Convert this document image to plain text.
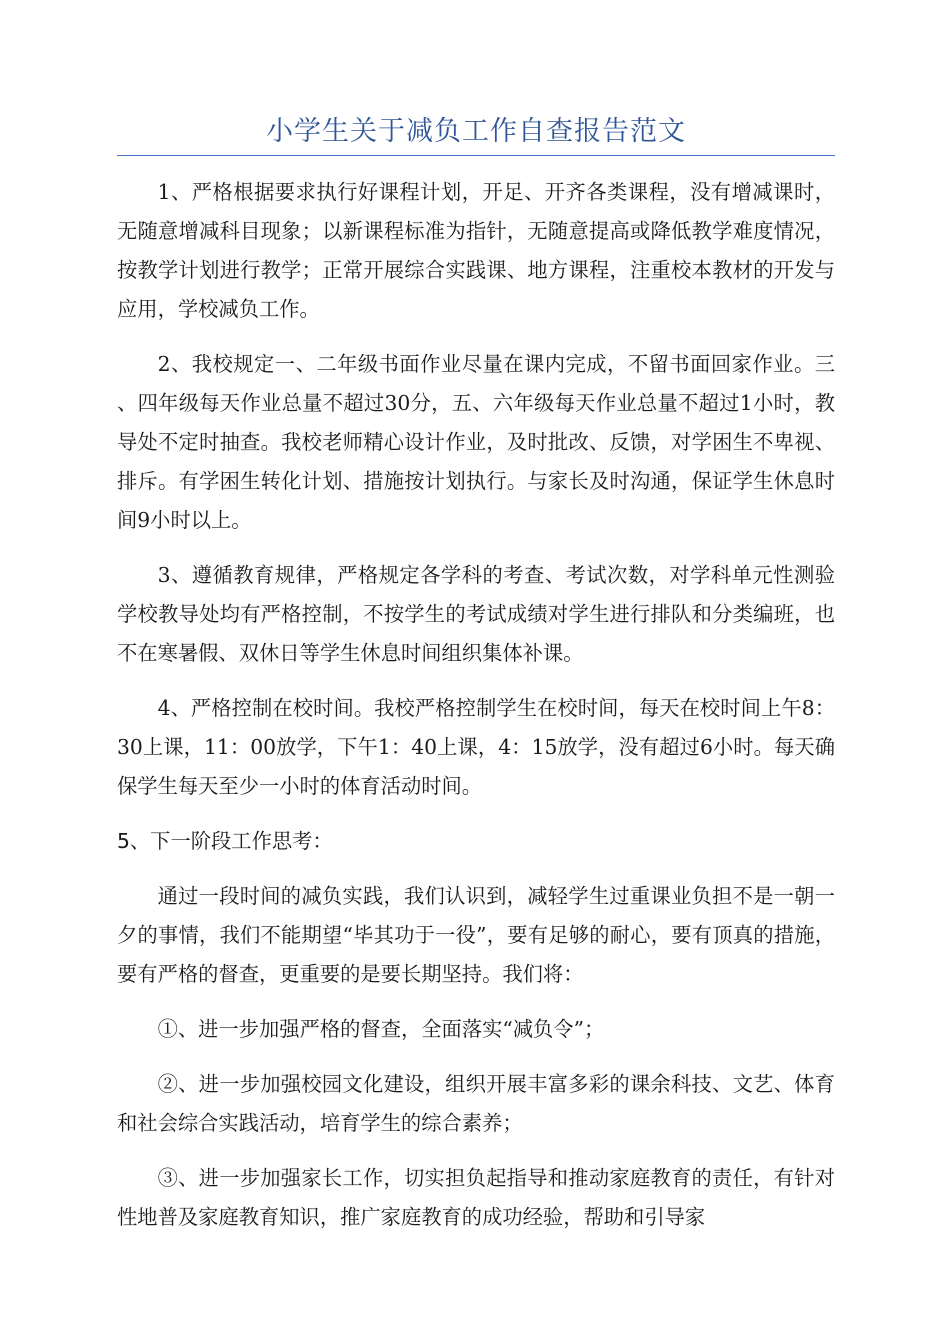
小学生关于减负工作自查报告范文

1、严格根据要求执行好课程计划，开足、开齐各类课程，没有增减课时，无随意增减科目现象；以新课程标准为指针，无随意提高或降低教学难度情况，按教学计划进行教学；正常开展综合实践课、地方课程，注重校本教材的开发与应用，学校减负工作。

2、我校规定一、二年级书面作业尽量在课内完成，不留书面回家作业。三、四年级每天作业总量不超过30分，五、六年级每天作业总量不超过1小时，教导处不定时抽查。我校老师精心设计作业，及时批改、反馈，对学困生不卑视、排斥。有学困生转化计划、措施按计划执行。与家长及时沟通，保证学生休息时间9小时以上。

3、遵循教育规律，严格规定各学科的考查、考试次数，对学科单元性测验学校教导处均有严格控制，不按学生的考试成绩对学生进行排队和分类编班，也不在寒暑假、双休日等学生休息时间组织集体补课。

4、严格控制在校时间。我校严格控制学生在校时间，每天在校时间上午8：30上课，11：00放学，下午1：40上课，4：15放学，没有超过6小时。每天确保学生每天至少一小时的体育活动时间。

5、下一阶段工作思考：

通过一段时间的减负实践，我们认识到，减轻学生过重课业负担不是一朝一夕的事情，我们不能期望“毕其功于一役”，要有足够的耐心，要有顶真的措施，要有严格的督查，更重要的是要长期坚持。我们将：

①、进一步加强严格的督查，全面落实“减负令”；

②、进一步加强校园文化建设，组织开展丰富多彩的课余科技、文艺、体育和社会综合实践活动，培育学生的综合素养；

③、进一步加强家长工作，切实担负起指导和推动家庭教育的责任，有针对性地普及家庭教育知识，推广家庭教育的成功经验，帮助和引导家
